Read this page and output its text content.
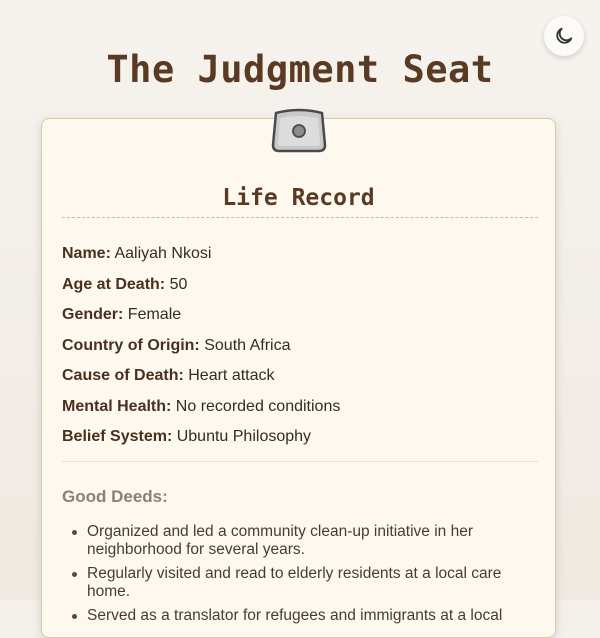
The Judgment Seat
Life Record
Name: Aaliyah Nkosi
Age at Death: 50
Gender: Female
Country of Origin: South Africa
Cause of Death: Heart attack
Mental Health: No recorded conditions
Belief System: Ubuntu Philosophy
Good Deeds:
Organized and led a community clean-up initiative in her neighborhood for several years.
Regularly visited and read to elderly residents at a local care home.
Served as a translator for refugees and immigrants at a local
